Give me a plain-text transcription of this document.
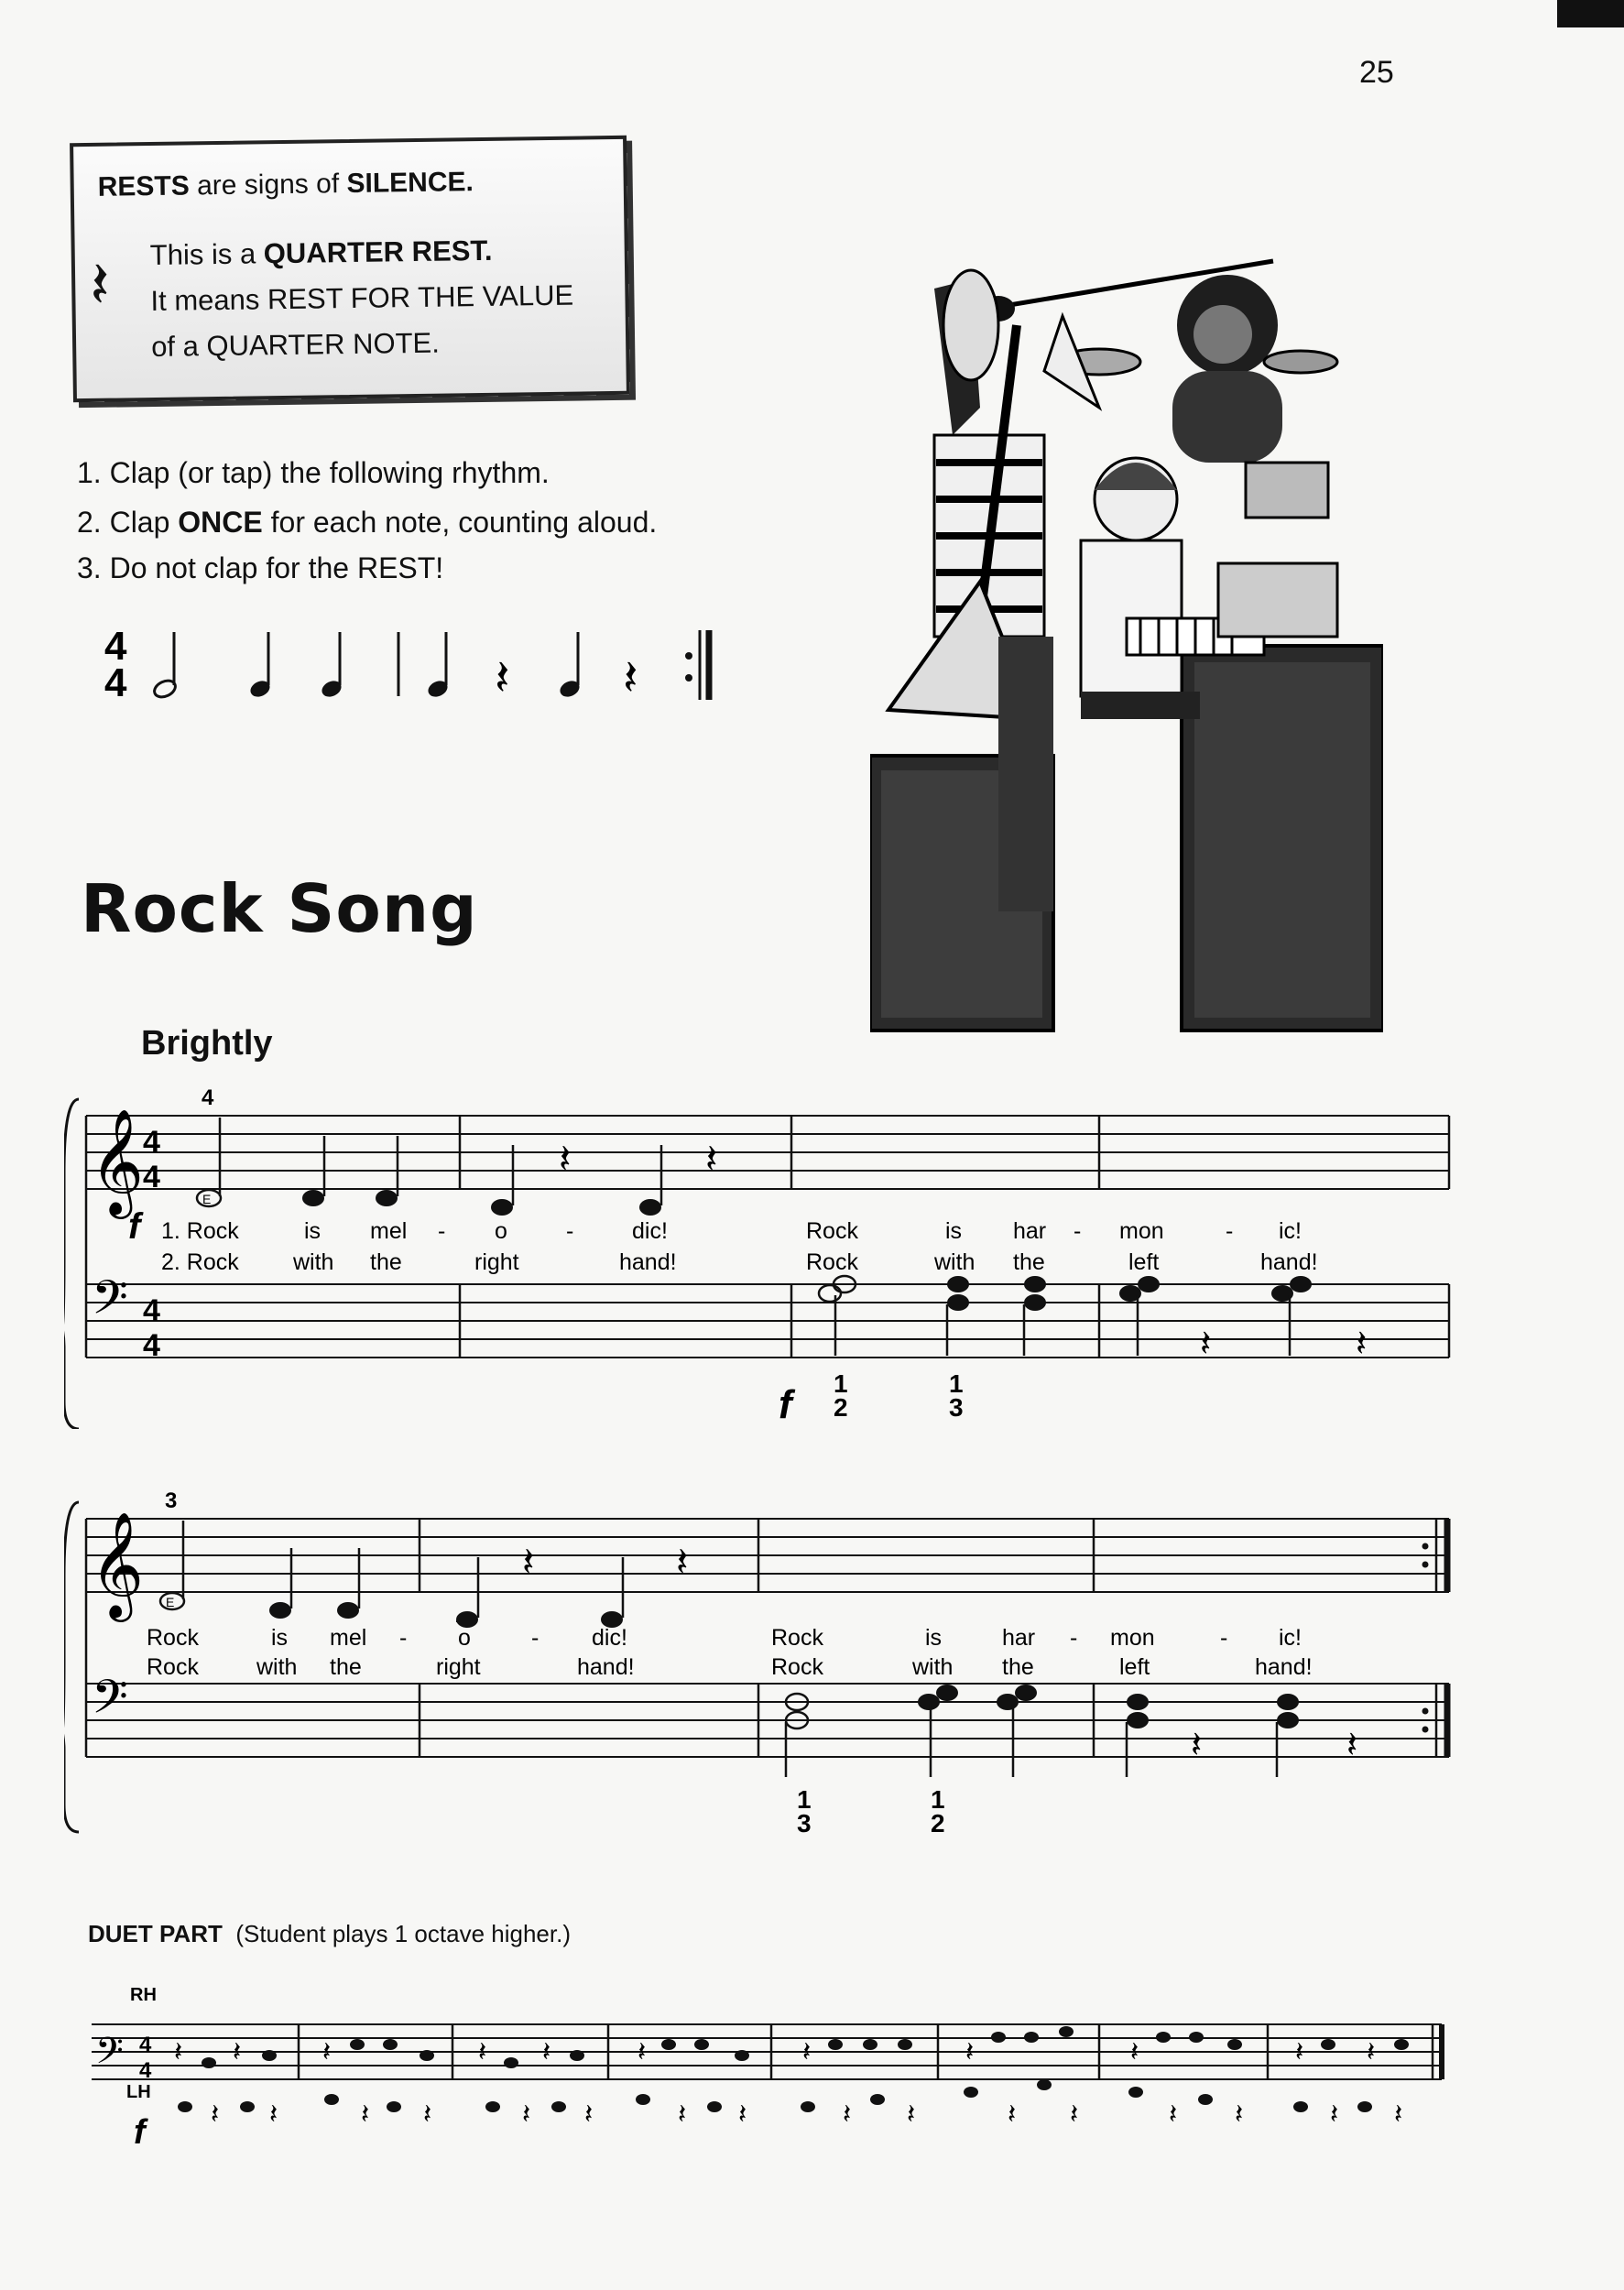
25
RESTS are signs of SILENCE.
𝄽 This is a QUARTER REST.
It means REST FOR THE VALUE
of a QUARTER NOTE.
1. Clap (or tap) the following rhythm.
2. Clap ONCE for each note, counting aloud.
3. Do not clap for the REST!
4
4	𝄽 𝄽
Rock Song
Brightly
𝄞
𝄢
4
4
4
4
4
E
𝄽	𝄽
𝄽	𝄽
f
f
1. Rock	is mel - o	-	dic!	Rock	is har - mon	- ic!
2. Rock with the	right	hand!	Rock	with the	left	hand!
1
2
1
3
𝄞
𝄢
3
E
𝄽	𝄽
𝄽	𝄽
Rock	is mel - o	- dic!	Rock	is	har - mon	- ic!
Rock	with the	right	hand!	Rock	with the	left	hand!
1
3
1
2
DUET PART (Student plays 1 octave higher.)
RH
LH
𝄢 4
4
f
𝄽 𝄽	𝄽	𝄽 𝄽	𝄽	𝄽	𝄽	𝄽	𝄽 𝄽
𝄽 𝄽	𝄽 𝄽	𝄽 𝄽	𝄽 𝄽	𝄽 𝄽	𝄽 𝄽	𝄽 𝄽	𝄽 𝄽
